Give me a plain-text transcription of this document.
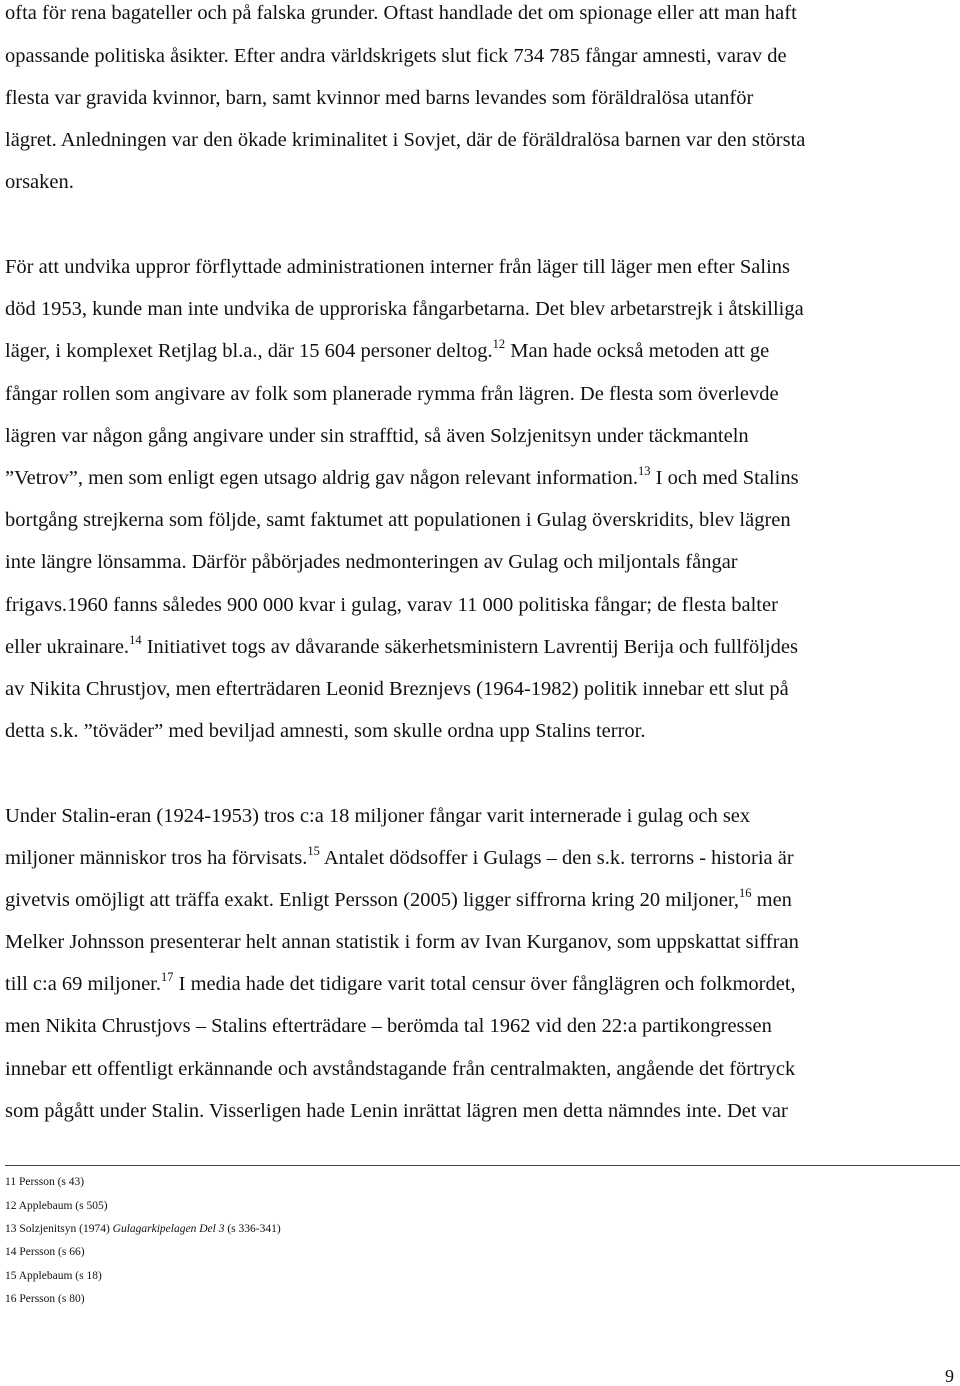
ofta för rena bagateller och på falska grunder. Oftast handlade det om spionage eller att man haft
opassande politiska åsikter. Efter andra världskrigets slut fick 734 785 fångar amnesti, varav de
flesta var gravida kvinnor, barn, samt kvinnor med barns levandes som föräldralösa utanför
lägret. Anledningen var den ökade kriminalitet i Sovjet, där de föräldralösa barnen var den största
orsaken.
För att undvika uppror förflyttade administrationen interner från läger till läger men efter Salins
död 1953, kunde man inte undvika de upproriska fångarbetarna. Det blev arbetarstrejk i åtskilliga
läger, i komplexet Retjlag bl.a., där 15 604 personer deltog.$^{12}$ Man hade också metoden att ge
fångar rollen som angivare av folk som planerade rymma från lägren. De flesta som överlevde
lägren var någon gång angivare under sin strafftid, så även Solzjenitsyn under täckmanteln
”Vetrov”, men som enligt egen utsago aldrig gav någon relevant information.$^{13}$ I och med Stalins
bortgång strejkerna som följde, samt faktumet att populationen i Gulag överskridits, blev lägren
inte längre lönsamma. Därför påbörjades nedmonteringen av Gulag och miljontals fångar
frigavs.1960 fanns således 900 000 kvar i gulag, varav 11 000 politiska fångar; de flesta balter
eller ukrainare.$^{14}$ Initiativet togs av dåvarande säkerhetsministern Lavrentij Berija och fullföljdes
av Nikita Chrustjov, men efterträdaren Leonid Breznjevs (1964-1982) politik innebar ett slut på
detta s.k. ”töväder” med beviljad amnesti, som skulle ordna upp Stalins terror.
Under Stalin-eran (1924-1953) tros c:a 18 miljoner fångar varit internerade i gulag och sex
miljoner människor tros ha förvisats.$^{15}$ Antalet dödsoffer i Gulags – den s.k. terrorns - historia är
givetvis omöjligt att träffa exakt. Enligt Persson (2005) ligger siffrorna kring 20 miljoner,$^{16}$ men
Melker Johnsson presenterar helt annan statistik i form av Ivan Kurganov, som uppskattat siffran
till c:a 69 miljoner.$^{17}$ I media hade det tidigare varit total censur över fånglägren och folkmordet,
men Nikita Chrustjovs – Stalins efterträdare – berömda tal 1962 vid den 22:a partikongressen
innebar ett offentligt erkännande och avståndstagande från centralmakten, angående det förtryck
som pågått under Stalin. Visserligen hade Lenin inrättat lägren men detta nämndes inte. Det var
11 Persson (s 43)
12 Applebaum (s 505)
13 Solzjenitsyn (1974) Gulagarkipelagen Del 3 (s 336-341)
14 Persson (s 66)
15 Applebaum (s 18)
16 Persson (s 80)
9
